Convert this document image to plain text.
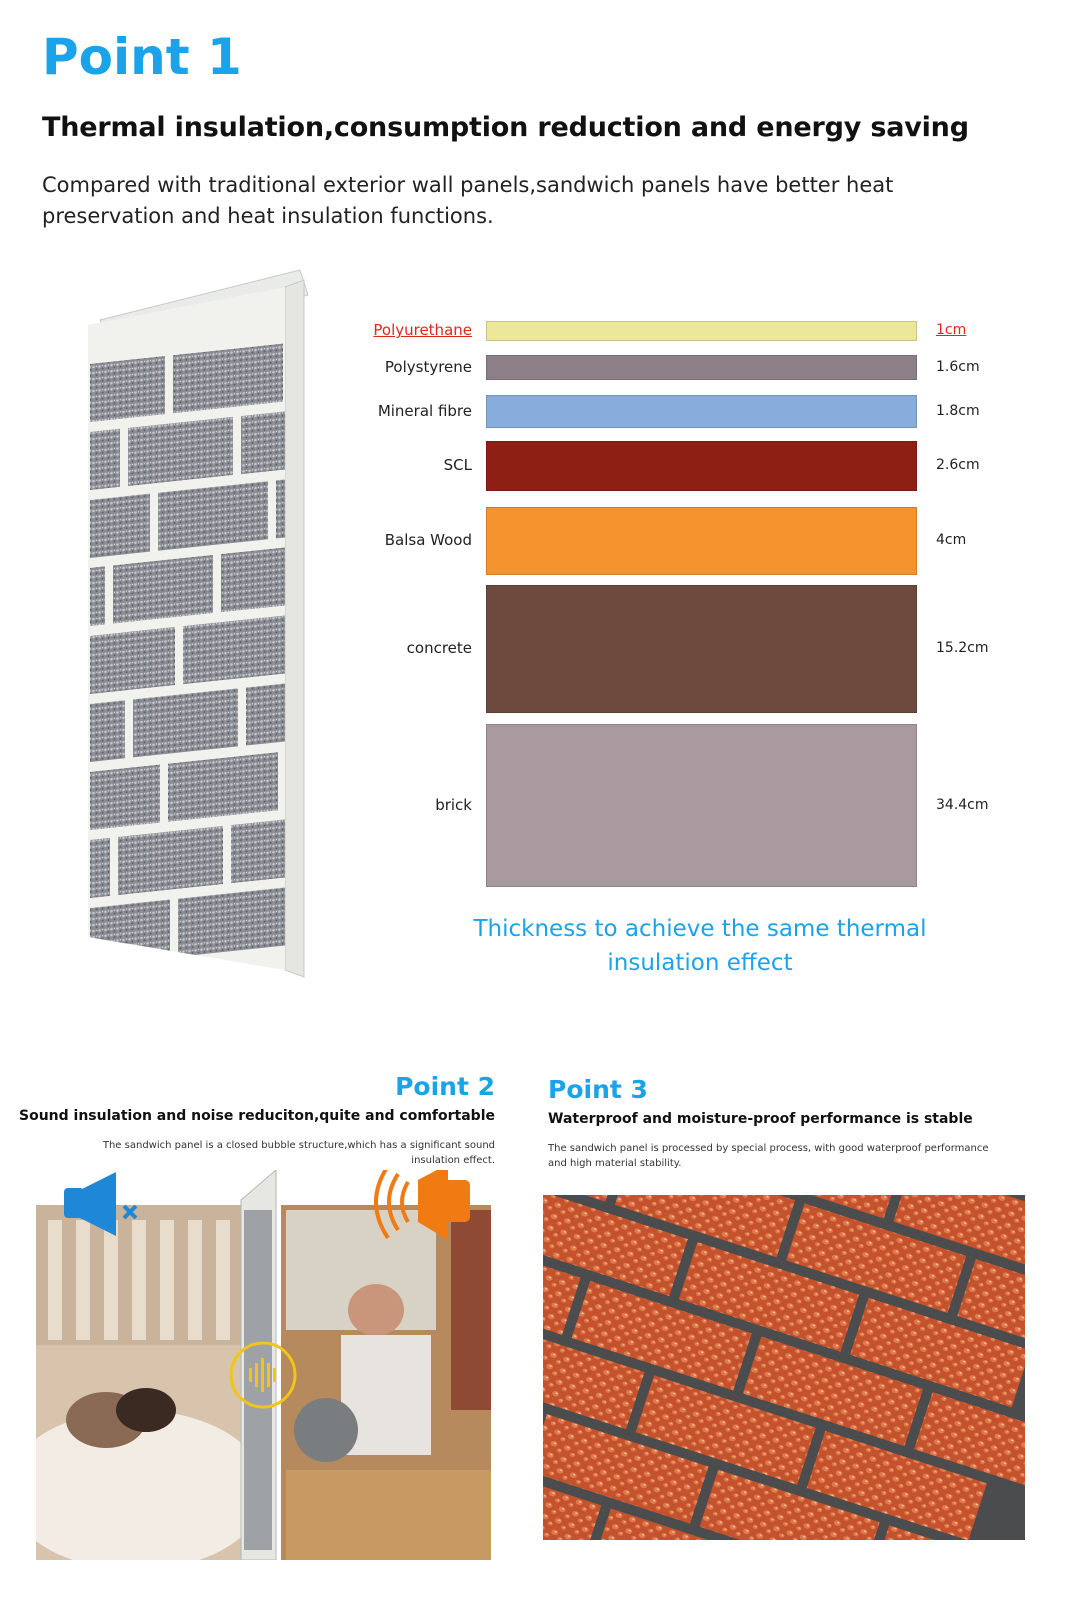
Point 1
Thermal insulation,consumption reduction and energy saving
Compared with traditional exterior wall panels,sandwich panels have better heat preservation and heat insulation functions.
Polyurethane	1cm
Polystyrene	1.6cm
Mineral fibre	1.8cm
SCL	2.6cm
Balsa Wood	4cm
concrete	15.2cm
brick	34.4cm
Thickness to achieve the same thermal insulation effect
Point 2
Sound insulation and noise reduciton,quite and comfortable
The sandwich panel is a closed bubble structure,which has a significant sound insulation effect.
Point 3
Waterproof and moisture-proof performance is stable
The sandwich panel is processed by special process, with good waterproof performance and high material stability.
